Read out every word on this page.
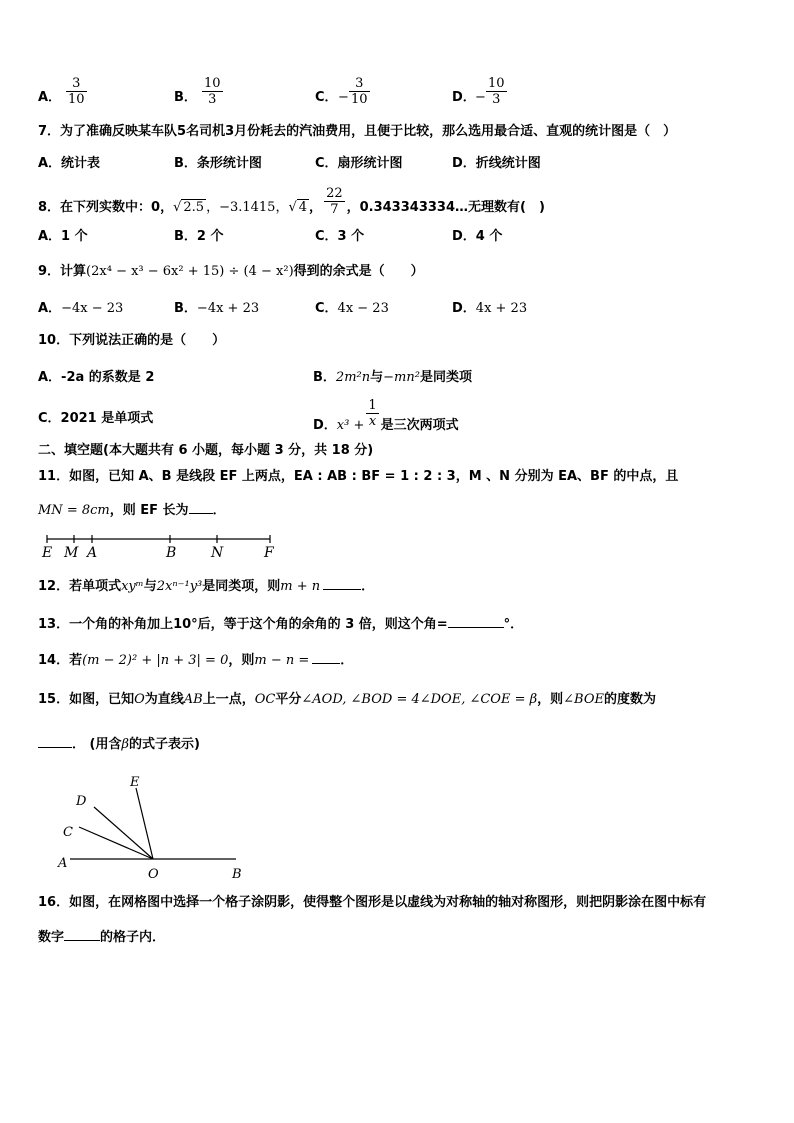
A． $\frac{3}{10}$	B． $\frac{10}{3}$	C． − $\frac{3}{10}$	D． − $\frac{10}{3}$
7．为了准确反映某车队5名司机3月份耗去的汽油费用，且便于比较，那么选用最合适、直观的统计图是（　）
A．统计表	B．条形统计图	C．扇形统计图	D．折线统计图
8．在下列实数中：0，√ 2.5 ，−3.1415，√ 4 ， $\frac{22}{7}$ ，0.343343334…无理数有(　)
A．1 个	B．2 个	C．3 个	D．4 个
9．计算(2x⁴ − x³ − 6x² + 15) ÷ (4 − x²)得到的余式是（　　）
A．−4x − 23	B．−4x + 23	C．4x − 23	D．4x + 23
10．下列说法正确的是（　　）
A．-2a 的系数是 2	B．2m²n与−mn²是同类项
C．2021 是单项式	D．$x^3 + \frac{1}{x}$ 是三次两项式
二、填空题(本大题共有 6 小题，每小题 3 分，共 18 分)
11．如图，已知 A、B 是线段 EF 上两点，EA : AB : BF = 1 : 2 : 3，M 、N 分别为 EA、BF 的中点，且
MN = 8cm，则 EF 长为 ．
E M A	B N	F
12．若单项式xyᵐ与2xⁿ⁻¹y³是同类项，则m + n	．
13．一个角的补角加上10°后，等于这个角的余角的 3 倍，则这个角=	°．
14．若(m − 2)² + |n + 3| = 0，则m − n = ．
15．如图，已知O为直线AB上一点，OC平分∠AOD, ∠BOD = 4∠DOE, ∠COE = β，则∠BOE的度数为
． (用含β的式子表示)
E
D
C
A
O	B
16．如图，在网格图中选择一个格子涂阴影，使得整个图形是以虚线为对称轴的轴对称图形，则把阴影涂在图中标有
数字	的格子内．
